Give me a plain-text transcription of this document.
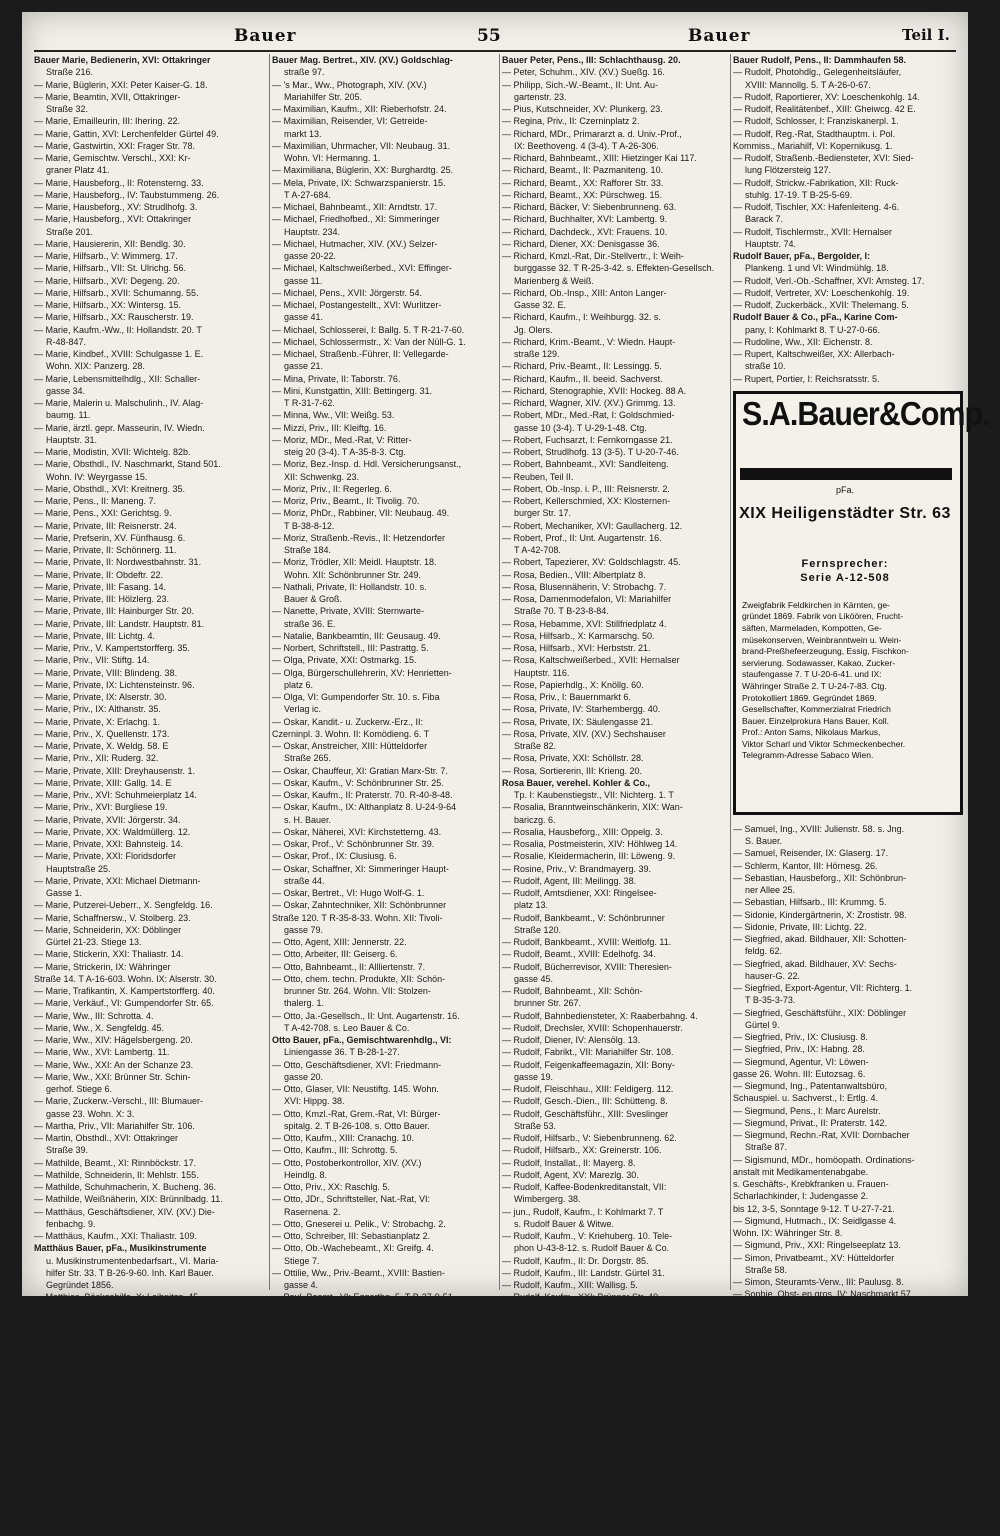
Bauer	55	Bauer	Teil I.
Bauer Marie, Bedienerin, XVI: Ottakringer
Straße 216.
— Marie, Büglerin, XXI: Peter Kaiser-G. 18.
— Marie, Beamtin, XVII, Ottakringer-
Straße 32.
— Marie, Emailleurin, III: Ihering. 22.
— Marie, Gattin, XVI: Lerchenfelder Gürtel 49.
— Marie, Gastwirtin, XXI: Frager Str. 78.
— Marie, Gemischtw. Verschl., XXI: Kr-
graner Platz 41.
— Marie, Hausbeforg., II: Rotensterng. 33.
— Marie, Hausbeforg., IV: Taubstummeng. 26.
— Marie, Hausbeforg., XV: Strudlhofg. 3.
— Marie, Hausbeforg., XVI: Ottakringer
Straße 201.
— Marie, Hausiererin, XII: Bendlg. 30.
— Marie, Hilfsarb., V: Wimmerg. 17.
— Marie, Hilfsarb., VII: St. Ulrichg. 56.
— Marie, Hilfsarb., XVI: Degeng. 20.
— Marie, Hilfsarb., XVII: Schumanng. 55.
— Marie, Hilfsarb., XX: Wintersg. 15.
— Marie, Hilfsarb., XX: Rauscherstr. 19.
— Marie, Kaufm.-Ww., II: Hollandstr. 20. T
R-48-847.
— Marie, Kindbef., XVIII: Schulgasse 1. E.
Wohn. XIX: Panzerg. 28.
— Marie, Lebensmittelhdlg., XII: Schaller-
gasse 34.
— Marie, Malerin u. Malschulinh., IV. Alag-
baumg. 11.
— Marie, ärztl. gepr. Masseurin, IV. Wiedn.
Hauptstr. 31.
— Marie, Modistin, XVII: Wichtelg. 82b.
— Marie, Obsthdl., IV. Naschmarkt, Stand 501.
Wohn. IV: Weyrgasse 15.
— Marie, Obsthdl., XVI: Kreitnerg. 35.
— Marie, Pens., II: Maneng. 7.
— Marie, Pens., XXI: Gerichtsg. 9.
— Marie, Private, III: Reisnerstr. 24.
— Marie, Prefserin, XV. Fünfhausg. 6.
— Marie, Private, II: Schönnerg. 11.
— Marie, Private, II: Nordwestbahnstr. 31.
— Marie, Private, II: Obdeftr. 22.
— Marie, Private, III: Fasang. 14.
— Marie, Private, III: Hölzlerg. 23.
— Marie, Private, III: Hainburger Str. 20.
— Marie, Private, III: Landstr. Hauptstr. 81.
— Marie, Private, III: Lichtg. 4.
— Marie, Priv., V. Kampertstorfferg. 35.
— Marie, Priv., VII: Stiftg. 14.
— Marie, Private, VIII: Blindeng. 38.
— Marie, Private, IX: Lichtensteinstr. 96.
— Marie, Private, IX: Alserstr. 30.
— Marie, Priv., IX: Althanstr. 35.
— Marie, Private, X: Erlachg. 1.
— Marie, Priv., X. Quellenstr. 173.
— Marie, Private, X. Weldg. 58. E
— Marie, Priv., XII: Ruderg. 32.
— Marie, Private, XIII: Dreyhausenstr. 1.
— Marie, Private, XIII: Gallg. 14. E
— Marie, Priv., XVI: Schuhmeierplatz 14.
— Marie, Priv., XVI: Burgliese 19.
— Marie, Private, XVII: Jörgerstr. 34.
— Marie, Private, XX: Waldmüllerg. 12.
— Marie, Private, XXI: Bahnsteig. 14.
— Marie, Private, XXI: Floridsdorfer
Hauptstraße 25.
— Marie, Private, XXI: Michael Dietmann-
Gasse 1.
— Marie, Putzerei-Ueberr., X. Sengfeldg. 16.
— Marie, Schaffnersw., V. Stolberg. 23.
— Marie, Schneiderin, XX: Döblinger
Gürtel 21-23. Stiege 13.
— Marie, Stickerin, XXI: Thaliastr. 14.
— Marie, Strickerin, IX: Währinger
Straße 14. T A-16-603. Wohn. IX: Alserstr. 30.
— Marie, Trafikantin, X. Kampertstorfferg. 40.
— Marie, Verkäuf., VI: Gumpendorfer Str. 65.
— Marie, Ww., III: Schrotta. 4.
— Marie, Ww., X. Sengfeldg. 45.
— Marie, Ww., XIV: Hägelsbergeng. 20.
— Marie, Ww., XVI: Lambertg. 11.
— Marie, Ww., XXI: An der Schanze 23.
— Marie, Ww., XXI: Brünner Str. Schin-
gerhof. Stiege 6.
— Marie, Zuckerw.-Verschl., III: Blumauer-
gasse 23. Wohn. X: 3.
— Martha, Priv., VII: Mariahilfer Str. 106.
— Martin, Obsthdl., XVI: Ottakringer
Straße 39.
— Mathilde, Beamt., XI: Rinnböckstr. 17.
— Mathilde, Schneiderin, II: Mehlstr. 155.
— Mathilde, Schuhmacherin, X. Bucheng. 36.
— Mathilde, Weißnäherin, XIX: Brünnlbadg. 11.
— Matthäus, Geschäftsdiener, XIV. (XV.) Die-
fenbachg. 9.
— Matthäus, Kaufm., XXI: Thaliastr. 109.
Matthäus Bauer, pFa., Musikinstrumente
u. Musikinstrumentenbedarfsart., VI. Maria-
hilfer Str. 33. T B-26-9-60. Inh. Karl Bauer.
Gegründet 1856.
— Matthias, Bäckgehilfe, X: Leibnitzg. 45.
— Matthias, Chauffeur, X: Vogelsang. 3.
— Matthias, Gastwirt, XV: Herrmanng. 11.
— Matthias, Gemeindeangest., V: Gelenkstr. 28.
— Matthias, Hilfsarb., II: Darwing. 37.
— Matthias, Malermstr., XXI: Prager Str. 6.
— Matthias, Schneider, VI: Eggerthg. 7.
— Matthias, Tischlermstr., II: Rudingerstr. 17.
— Matthias, Weißgärb., XXI: Brünner
Straße 80.
— Max, Beamt., XX: Gerhardusg. 28.
— Max, Dir. d. „Ankünder“, Plakatierungs- u.
Reklamegef. m. b. H., II: Rembrandtstr.
Nr. 27.
— Max, Farbenhdlg., III: Rasumofskyg. 14.
— Max, Ob.-Rechnungsrat i. P., III: Eslarng. 2.
— Max, Priv.-Beam., XX: Jägerstr. 4.
— Max, Kfz.-Meister, VII: Zieglerg. 1.
— Max, Direktor, Wohn. IV: Starhemberg. 39. T
— Max, Bertreter, VII: Wimbergerg. 5.
Bauer Mag. Bertret., XIV. (XV.) Goldschlag-
straße 97.
— 's Mar., Ww., Photograph, XIV. (XV.)
Mariahilfer Str. 205.
— Maximilian, Kaufm., XII: Rieberhofstr. 24.
— Maximilian, Reisender, VI: Getreide-
markt 13.
— Maximilian, Uhrmacher, VII: Neubaug. 31.
Wohn. VI: Hermanng. 1.
— Maximiliana, Büglerin, XX: Burghardtg. 25.
— Mela, Private, IX: Schwarzspanierstr. 15.
T A-27-684.
— Michael, Bahnbeamt., XII: Arndtstr. 17.
— Michael, Friedhofbed., XI: Simmeringer
Hauptstr. 234.
— Michael, Hutmacher, XIV. (XV.) Selzer-
gasse 20-22.
— Michael, Kaltschweißerbed., XVI: Effinger-
gasse 11.
— Michael, Pens., XVII: Jörgerstr. 54.
— Michael, Postangestellt., XVI: Wurlitzer-
gasse 41.
— Michael, Schlosserei, I: Ballg. 5. T R-21-7-60.
— Michael, Schlossermstr., X: Van der Nüll-G. 1.
— Michael, Straßenb.-Führer, II: Vellegarde-
gasse 21.
— Mina, Private, II: Taborstr. 76.
— Mini, Kunstgattin, XIII: Bettingerg. 31.
T R-31-7-62.
— Minna, Ww., VII: Weißg. 53.
— Mizzi, Priv., III: Kleiftg. 16.
— Moriz, MDr., Med.-Rat, V: Ritter-
steig 20 (3-4). T A-35-8-3. Ctg.
— Moriz, Bez.-Insp. d. Hdl. Versicherungsanst.,
XII: Schwenkg. 23.
— Moriz, Priv., II: Regerleg. 6.
— Moriz, Priv., Beamt., II: Tivolig. 70.
— Moriz, PhDr., Rabbiner, VII: Neubaug. 49.
T B-38-8-12.
— Moriz, Straßenb.-Revis., II: Hetzendorfer
Straße 184.
— Moriz, Trödler, XII: Meidl. Hauptstr. 18.
Wohn. XII: Schönbrunner Str. 249.
— Nathali, Private, II: Hollandstr. 10. s.
Bauer & Groß.
— Nanette, Private, XVIII: Sternwarte-
straße 36. E.
— Natalie, Bankbeamtin, III: Geusaug. 49.
— Norbert, Schriftstell., III: Pastrattg. 5.
— Olga, Private, XXI: Ostmarkg. 15.
— Olga, Bürgerschullehrerin, XV: Henrietten-
platz 6.
— Olga, VI: Gumpendorfer Str. 10. s. Fiba
Verlag ic.
— Oskar, Kandit.- u. Zuckerw.-Erz., II:
Czerninpl. 3. Wohn. II: Komödieng. 6. T
— Oskar, Anstreicher, XIII: Hütteldorfer
Straße 265.
— Oskar, Chauffeur, XI: Gratian Marx-Str. 7.
— Oskar, Kaufm., V: Schönbrunner Str. 25.
— Oskar, Kaufm., II: Praterstr. 70. R-40-8-48.
— Oskar, Kaufm., IX: Althanplatz 8. U-24-9-64
s. H. Bauer.
— Oskar, Näherei, XVI: Kirchstetterng. 43.
— Oskar, Prof., V: Schönbrunner Str. 39.
— Oskar, Prof., IX: Clusiusg. 6.
— Oskar, Schaffner, XI: Simmeringer Haupt-
straße 44.
— Oskar, Bertret., VI: Hugo Wolf-G. 1.
— Oskar, Zahntechniker, XII: Schönbrunner
Straße 120. T R-35-8-33. Wohn. XII: Tivoli-
gasse 79.
— Otto, Agent, XIII: Jennerstr. 22.
— Otto, Arbeiter, III: Geiserg. 6.
— Otto, Bahnbeamt., II: Allliertenstr. 7.
— Otto, chem. techn. Produkte, XII: Schön-
brunner Str. 264. Wohn. VII: Stolzen-
thalerg. 1.
— Otto, Ja.-Gesellsch., II: Unt. Augartenstr. 16.
T A-42-708. s. Leo Bauer & Co.
Otto Bauer, pFa., Gemischtwarenhdlg., VI:
Liniengasse 36. T B-28-1-27.
— Otto, Geschäftsdiener, XVI: Friedmann-
gasse 20.
— Otto, Glaser, VII: Neustiftg. 145. Wohn.
XVI: Hippg. 38.
— Otto, Kmzl.-Rat, Grem.-Rat, VI: Bürger-
spitalg. 2. T B-26-108. s. Otto Bauer.
— Otto, Kaufm., XIII: Cranachg. 10.
— Otto, Kaufm., III: Schrottg. 5.
— Otto, Postoberkontrollor, XIV. (XV.)
Heindlg. 8.
— Otto, Priv., XX: Raschlg. 5.
— Otto, JDr., Schriftsteller, Nat.-Rat, VI:
Rasernena. 2.
— Otto, Gneserei u. Pelik., V: Strobachg. 2.
— Otto, Schreiber, III: Sebastianplatz 2.
— Otto, Ob.-Wachebeamt., XI: Greifg. 4.
Stiege 7.
— Ottilie, Ww., Priv.-Beamt., XVIII: Bastien-
gasse 4.
— Paul, Beamt., VI: Eggerthg. 5. T B-27-9-51.
— Paul, Buchhalt., XVIII: Währinger Gür-
tel 121.
— Paul, Direkt., IX: Spittelauer Lände 5.
T A-18-5-20.
— Paul, Gemischtwarhdlg., XII: Marz-Meid-
linger Str. 8.
— Paul, Kutscher, X: Ettenreichg. 15.
— Paul, Dr., Prof., XVIII: Weimarer Str. 3.
— Paul, Private, XVII: Rofferg. 20.
— Paul, Stonist, V: Kriehuberg. 19.
— Paul, MDr., Zahnarzt, XVI: Neulerchen-
felder Str. 60. T A-25-601.
— Paula, Priv., V: Ammerg. 14.
— Paula, Private, VI: Gumpendorfer Str. 18.
T B-24-9-71.
— Paula, Priv., VII: Kircheng. 9 A.
— Paula, Priv., XII: Gaug. Meidl. 6.
— Paula, Priv., XIV. (XV.) Grimmg. 2.
— Peter, Elektriker, XVIII: Paulineng. 9.
Bauer Peter, Pens., III: Schlachthausg. 20.
— Peter, Schuhm., XIV. (XV.) Sueßg. 16.
— Philipp, Sich.-W.-Beamt., II: Unt. Au-
gartenstr. 23.
— Pius, Kutschneider, XV: Plunkerg. 23.
— Regina, Priv., II: Czerninplatz 2.
— Richard, MDr., Primararzt a. d. Univ.-Prof.,
IX: Beethoveng. 4 (3-4). T A-26-306.
— Richard, Bahnbeamt., XIII: Hietzinger Kai 117.
— Richard, Beamt., II: Pazmaniteng. 10.
— Richard, Beamt., XX: Rafforer Str. 33.
— Richard, Beamt., XX: Pürschweg. 15.
— Richard, Bäcker, V: Siebenbrunneng. 63.
— Richard, Buchhalter, XVI: Lambertg. 9.
— Richard, Dachdeck., XVI: Frauens. 10.
— Richard, Diener, XX: Denisgasse 36.
— Richard, Kmzl.-Rat, Dir.-Stellvertr., I: Weih-
burggasse 32. T R-25-3-42. s. Effekten-Gesellsch.
Marienberg & Weiß.
— Richard, Ob.-Insp., XIII: Anton Langer-
Gasse 32. E.
— Richard, Kaufm., I: Weihburgg. 32. s.
Jg. Olers.
— Richard, Krim.-Beamt., V: Wiedn. Haupt-
straße 129.
— Richard, Priv.-Beamt., II: Lessingg. 5.
— Richard, Kaufm., II. beeid. Sachverst.
— Richard, Stenographie, XVII: Hockeg. 88 A.
— Richard, Wagner, XIV. (XV.) Grimmg. 13.
— Robert, MDr., Med.-Rat, I: Goldschmied-
gasse 10 (3-4). T U-29-1-48. Ctg.
— Robert, Fuchsarzt, I: Fernkorngasse 21.
— Robert, Strudlhofg. 13 (3-5). T U-20-7-46.
— Robert, Bahnbeamt., XVI: Sandleiteng.
— Reuben, Teil II.
— Robert, Ob.-Insp. i. P., III: Reisnerstr. 2.
— Robert, Kellerschmied, XX: Klosternen-
burger Str. 17.
— Robert, Mechaniker, XVI: Gaullacherg. 12.
— Robert, Prof., II: Unt. Augartenstr. 16.
T A-42-708.
— Robert, Tapezierer, XV: Goldschlagstr. 45.
— Rosa, Bedien., VIII: Albertplatz 8.
— Rosa, Blusennäherin, V: Strobachg. 7.
— Rosa, Damenmodefalon, VI: Mariahilfer
Straße 70. T B-23-8-84.
— Rosa, Hebamme, XVI: Stillfriedplatz 4.
— Rosa, Hilfsarb., X: Karmarschg. 50.
— Rosa, Hilfsarb., XVI: Herbststr. 21.
— Rosa, Kaltschweißerbed., XVII: Hernalser
Hauptstr. 116.
— Rose, Papierhdlg., X: Knöllg. 60.
— Rosa, Priv., I: Bauernmarkt 6.
— Rosa, Private, IV: Starhembergg. 40.
— Rosa, Private, IX: Säulengasse 21.
— Rosa, Private, XIV. (XV.) Sechshauser
Straße 82.
— Rosa, Private, XXI: Schöllstr. 28.
— Rosa, Sortiererin, III: Krieng. 20.
Rosa Bauer, verehel. Kohler & Co.,
Tp. I: Kaubenstiegstr., VII: Nichterg. 1. T
— Rosalia, Branntweinschänkerin, XIX: Wan-
bariczg. 6.
— Rosalia, Hausbeforg., XIII: Oppelg. 3.
— Rosalia, Postmeisterin, XIV: Höhlweg 14.
— Rosalie, Kleidermacherin, III: Löweng. 9.
— Rosine, Priv., V: Brandmayerg. 39.
— Rudolf, Agent, III: Meilingg. 38.
— Rudolf, Amtsdiener, XXI: Ringelsee-
platz 13.
— Rudolf, Bankbeamt., V: Schönbrunner
Straße 120.
— Rudolf, Bankbeamt., XVIII: Weitlofg. 11.
— Rudolf, Beamt., XVIII: Edelhofg. 34.
— Rudolf, Bücherrevisor, XVIII: Theresien-
gasse 45.
— Rudolf, Bahnbeamt., XII: Schön-
brunner Str. 267.
— Rudolf, Bahnbediensteter, X: Raaberbahng. 4.
— Rudolf, Drechsler, XVIII: Schopenhauerstr.
— Rudolf, Diener, IV: Alensölg. 13.
— Rudolf, Fabrikt., VII: Mariahilfer Str. 108.
— Rudolf, Feigenkaffeemagazin, XII: Bony-
gasse 19.
— Rudolf, Fleischhau., XIII: Feldigerg. 112.
— Rudolf, Gesch.-Dien., III: Schütteng. 8.
— Rudolf, Geschäftsführ., XIII: Sveslinger
Straße 53.
— Rudolf, Hilfsarb., V: Siebenbrunneng. 62.
— Rudolf, Hilfsarb., XX: Greinerstr. 106.
— Rudolf, Installat., II: Mayerg. 8.
— Rudolf, Agent, XV: Marezlg. 30.
— Rudolf, Kaffee-Bodenkreditanstalt, VII:
Wimbergerg. 38.
— jun., Rudolf, Kaufm., I: Kohlmarkt 7. T
s. Rudolf Bauer & Witwe.
— Rudolf, Kaufm., V: Kriehuberg. 10. Tele-
phon U-43-8-12. s. Rudolf Bauer & Co.
— Rudolf, Kaufm., II: Dr. Dorgstr. 85.
— Rudolf, Kaufm., III: Landstr. Gürtel 31.
— Rudolf, Kaufm., XIII: Wallisg. 5.
— Rudolf, Kaufm., XXI: Brünner Str. 40.
s. Herman Bauer & Sohn.
— Rudolf, Kellner, XIX: Cobenzlg. 51.
— Rudolf, Kleidermach., I: Kohlmarkt 7.
— Rudolf, Kolonialwaren-Läufer, en gros.
VII: Langeg. 6. T A-24-372. Wohn. XV:
— Rudolf, Kutscher, XIV. (XV.) Denglerg. 8.
— Rudolf, Lokomotivführ., XX: Rafaelg. 30.
— Rudolf, Lokomotivheizer, XVII: Bergsteig-
gasse 8.
— Rudolf, Magazineur, XIII: Iheringg. 31.
— Rudolf, Magazinmeister, XXI: Murlingen-
gasse 41.
— Rudolf, Magistr.-Beamt., XVII: Hernalser
Hauptstr. 132.
— Rudolf, Mechaniker, X: Van der Nüll-G.
Rr. 30.
— Rudolf, Motorenwerkst., IX: Pichelg. 15. T
s. Wohn. VII: Mariahilfer Str. 108.
Bauer Rudolf, Pens., II: Dammhaufen 58.
— Rudolf, Photohdlg., Gelegenheitsläufer,
XVIII: Mannollg. 5. T A-26-0-67.
— Rudolf, Raportierer, XV: Loeschenkohlg. 14.
— Rudolf, Realitätenbef., XIII: Gheiwcg. 42 E.
— Rudolf, Schlosser, I: Franziskanerpl. 1.
— Rudolf, Reg.-Rat, Stadthauptm. i. Pol.
Kommiss., Mariahilf, VI: Kopernikusg. 1.
— Rudolf, Straßenb.-Bediensteter, XVI: Sied-
lung Flötzersteig 127.
— Rudolf, Strickw.-Fabrikation, XII: Ruck-
stuhlg. 17-19. T B-25-5-69.
— Rudolf, Tischler, XX: Hafenleiteng. 4-6.
Barack 7.
— Rudolf, Tischlermstr., XVII: Hernalser
Hauptstr. 74.
Rudolf Bauer, pFa., Bergolder, I:
Plankeng. 1 und VI: Windmühlg. 18.
— Rudolf, Verl.-Ob.-Schaffner, XVI: Arnsteg. 17.
— Rudolf, Vertreter, XV: Loeschenkohlg. 19.
— Rudolf, Zuckerbäck., XVII: Thelemang. 5.
Rudolf Bauer & Co., pFa., Karine Com-
pany, I: Kohlmarkt 8. T U-27-0-66.
— Rudoline, Ww., XII: Eichenstr. 8.
— Rupert, Kaltschweißer, XX: Allerbach-
straße 10.
— Rupert, Portier, I: Reichsratsstr. 5.
S.A.Bauer&Comp.
pFa.
XIX Heiligenstädter Str. 63
Fernsprecher:
Serie A-12-508
Zweigfabrik Feldkirchen in Kärnten, ge-
gründet 1869. Fabrik von Liköören, Frucht-
säften, Marmeladen, Kompotten, Ge-
müsekonserven, Weinbranntwein u. Wein-
brand-Preßhefeerzeugung, Essig, Fischkon-
servierung. Sodawasser, Kakao, Zucker-
staufengasse 7. T U-20-6-41. und IX:
Währinger Straße 2. T U-24-7-83. Ctg.
Protokolliert 1869. Gegründet 1869.
Gesellschafter, Kommerzialrat Friedrich
Bauer. Einzelprokura Hans Bauer, Koll.
Prof.: Anton Sams, Nikolaus Markus,
Viktor Scharl und Viktor Schmeckenbecher.
Telegramm-Adresse Sabaco Wien.
— Samuel, Ing., XVIII: Julienstr. 58. s. Jng.
S. Bauer.
— Samuel, Reisender, IX: Glaserg. 17.
— Schlerm, Kantor, III: Hörnesg. 26.
— Sebastian, Hausbeforg., XII: Schönbrun-
ner Allee 25.
— Sebastian, Hilfsarb., III: Krummg. 5.
— Sidonie, Kindergärtnerin, X: Zrostistr. 98.
— Sidonie, Private, III: Lichtg. 22.
— Siegfried, akad. Bildhauer, XII: Schotten-
feldg. 62.
— Siegfried, akad. Bildhauer, XV: Sechs-
hauser-G. 22.
— Siegfried, Export-Agentur, VII: Richterg. 1.
T B-35-3-73.
— Siegfried, Geschäftsführ., XIX: Döblinger
Gürtel 9.
— Siegfried, Priv., IX: Clusiusg. 8.
— Siegfried, Priv., IX: Habng. 28.
— Siegmund, Agentur, VI: Löwen-
gasse 26. Wohn. III: Eutozsag. 6.
— Siegmund, Ing., Patentanwaltsbüro,
Schauspiel. u. Sachverst., I: Ertlg. 4.
— Siegmund, Pens., I: Marc Aurelstr.
— Siegmund, Privat., II: Praterstr. 142.
— Siegmund, Rechn.-Rat, XVII: Dornbacher
Straße 87.
— Sigismund, MDr., homöopath. Ordinations-
anstalt mit Medikamentenabgabe.
s. Geschäfts-, Krebkfranken u. Frauen-
Scharlachkinder, I: Judengasse 2.
bis 12, 3-5, Sonntage 9-12. T U-27-7-21.
— Sigmund, Hutmach., IX: Seidlgasse 4.
Wohn. IX: Währinger Str. 8.
— Sigmund, Priv., XXI: Ringelseeplatz 13.
— Simon, Privatbeamt., XV: Hütteldorfer
Straße 58.
— Simon, Steuramts-Verw., III: Paulusg. 8.
— Sophie, Obst- en gros, IV: Naschmarkt 57.
Wohn. IV: Wiedner Hauptstr. 73.
— Sophie, Private, I: Schottenring 25.
— Sophie, Private, II: Unt. Augartenstr. 73.
— Sophie, Private, IX: Nußdorfer Str. 68.
— Sophie, Private, XX: Wimbergerg. 25.
— Stefan, Friseur, XII: Eichenstr. 68. Wohn.
XII: Brunng. 13.
— Stefan, Straßenb.-Schaffner, XIII: Hezen-
dorfer Str. 186. Stiege 2.
— Stefan, Weißwarenschlag., XVIII: Kreuzg. 16.
— Stefan, Koch., X: Hofferg. 19.
— Stephan, Graveur, IV: Raimung. 6.
— Stephan, Draht- u. Radlerwerk., XXI:
Chamg. 42-44.
